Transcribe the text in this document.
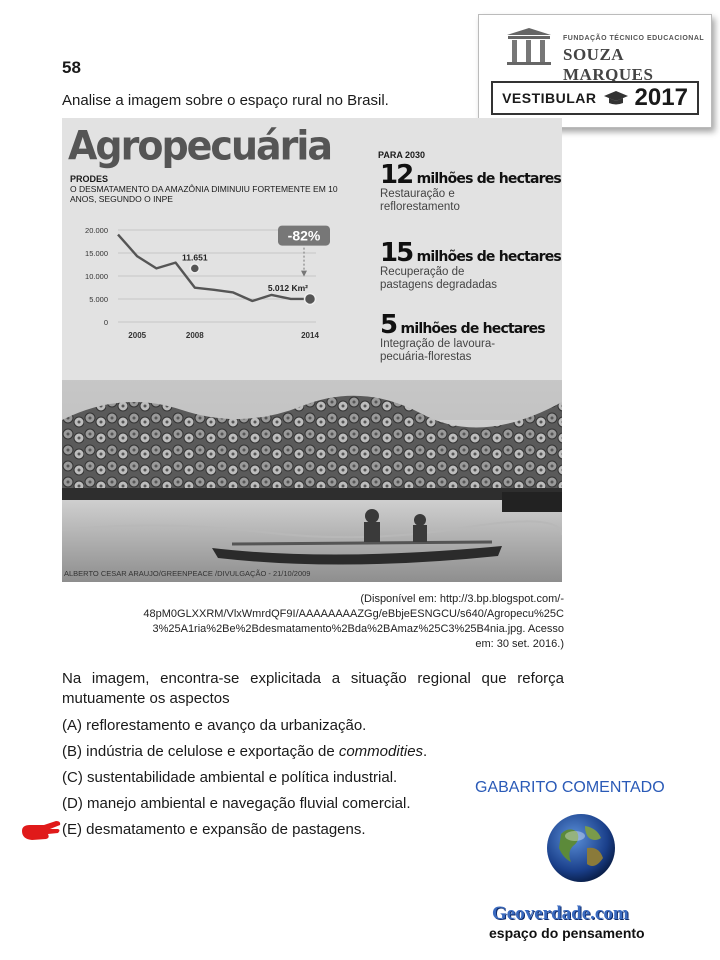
58
Analise a imagem sobre o espaço rural no Brasil.
FUNDAÇÃO TÉCNICO EDUCACIONAL
SOUZA MARQUES
VESTIBULAR 2017
Agropecuária
PRODES
O DESMATAMENTO DA AMAZÔNIA DIMINUIU FORTEMENTE EM 10 ANOS, SEGUNDO O INPE
0
5.000
10.000
15.000
20.000
2005	2008	2014
11.651
5.012 Km²
-82%
PARA 2030
12 milhões de hectares
Restauração e
reflorestamento
15 milhões de hectares
Recuperação de
pastagens degradadas
5 milhões de hectares
Integração de lavoura-
pecuária-florestas
ALBERTO CESAR ARAUJO/GREENPEACE /DIVULGAÇÃO - 21/10/2009
(Disponível em: http://3.bp.blogspot.com/-
48pM0GLXXRM/VlxWmrdQF9I/AAAAAAAAZGg/eBbjeESNGCU/s640/Agropecu%25C
3%25A1ria%2Be%2Bdesmatamento%2Bda%2BAmaz%25C3%25B4nia.jpg. Acesso
em: 30 set. 2016.)
Na imagem, encontra-se explicitada a situação regional que reforça mutuamente os aspectos
(A) reflorestamento e avanço da urbanização.
(B) indústria de celulose e exportação de commodities.
(C) sustentabilidade ambiental e política industrial.
(D) manejo ambiental e navegação fluvial comercial.
(E) desmatamento e expansão de pastagens.
GABARITO COMENTADO
Geoverdade.com
espaço do pensamento
